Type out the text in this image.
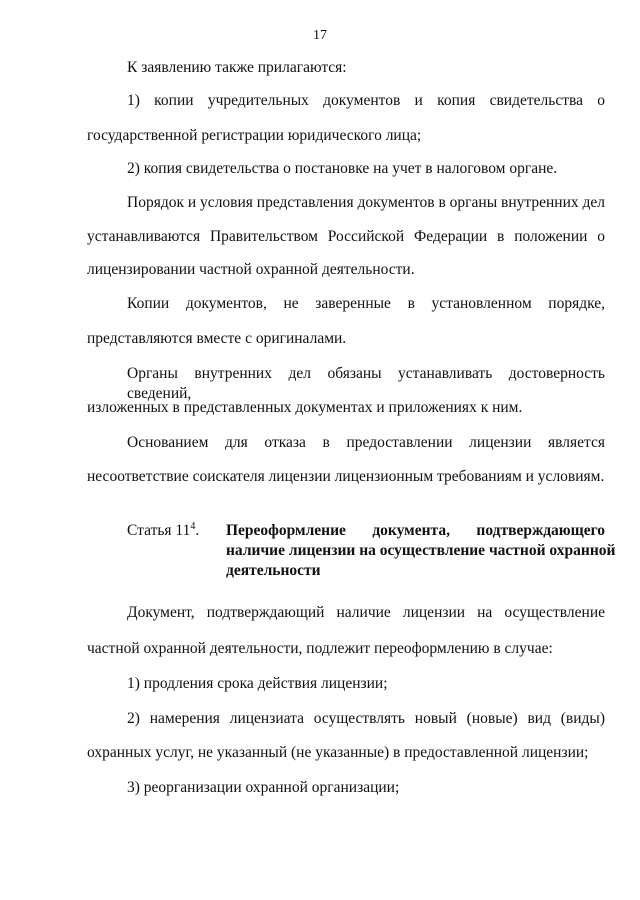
17
К заявлению также прилагаются:
1) копии учредительных документов и копия свидетельства о
государственной регистрации юридического лица;
2) копия свидетельства о постановке на учет в налоговом органе.
Порядок и условия представления документов в органы внутренних дел
устанавливаются Правительством Российской Федерации в положении о
лицензировании частной охранной деятельности.
Копии документов, не заверенные в установленном порядке,
представляются вместе с оригиналами.
Органы внутренних дел обязаны устанавливать достоверность сведений,
изложенных в представленных документах и приложениях к ним.
Основанием для отказа в предоставлении лицензии является
несоответствие соискателя лицензии лицензионным требованиям и условиям.
Статья $11^4$. Переоформление документа, подтверждающего
наличие лицензии на осуществление частной охранной
деятельности
Документ, подтверждающий наличие лицензии на осуществление
частной охранной деятельности, подлежит переоформлению в случае:
1) продления срока действия лицензии;
2) намерения лицензиата осуществлять новый (новые) вид (виды)
охранных услуг, не указанный (не указанные) в предоставленной лицензии;
3) реорганизации охранной организации;
